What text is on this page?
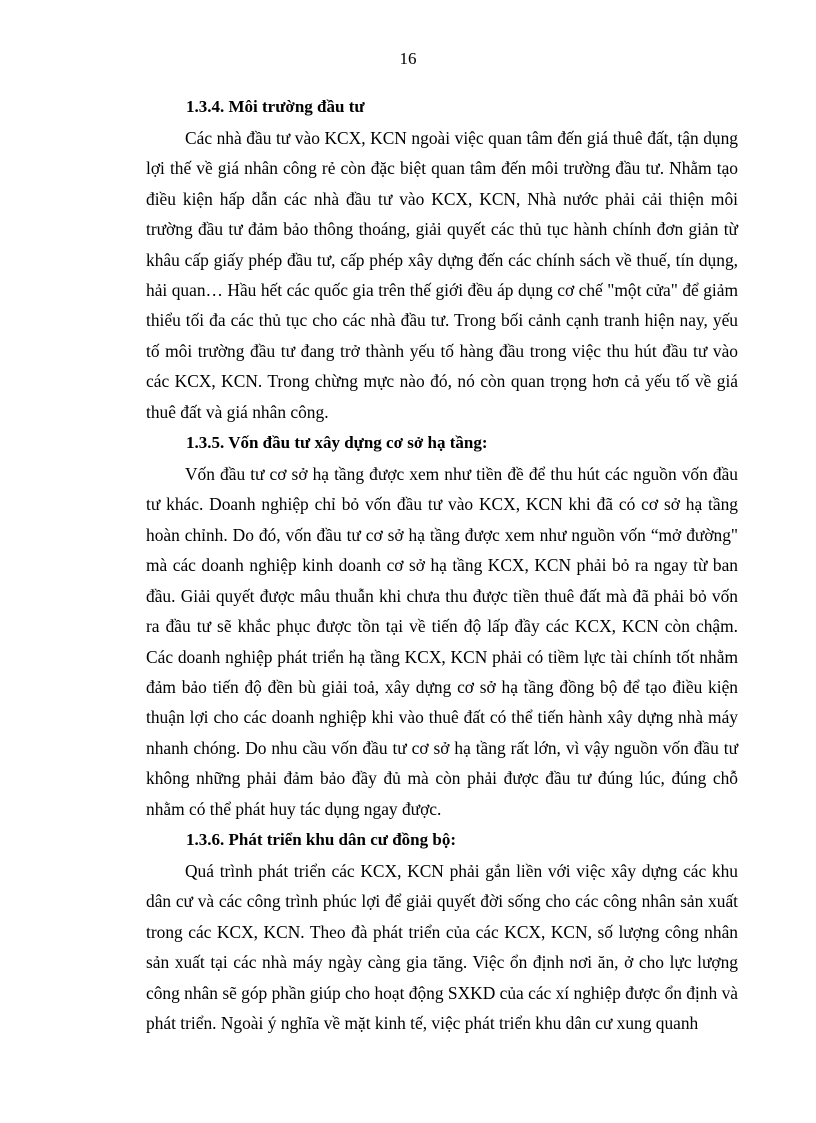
16
1.3.4. Môi trường đầu tư

Các nhà đầu tư vào KCX, KCN ngoài việc quan tâm đến giá thuê đất, tận dụng lợi thế về giá nhân công rẻ còn đặc biệt quan tâm đến môi trường đầu tư. Nhằm tạo điều kiện hấp dẫn các nhà đầu tư vào KCX, KCN, Nhà nước phải cải thiện môi trường đầu tư đảm bảo thông thoáng, giải quyết các thủ tục hành chính đơn giản từ khâu cấp giấy phép đầu tư, cấp phép xây dựng đến các chính sách về thuế, tín dụng, hải quan… Hầu hết các quốc gia trên thế giới đều áp dụng cơ chế "một cửa" để giảm thiểu tối đa các thủ tục cho các nhà đầu tư. Trong bối cảnh cạnh tranh hiện nay, yếu tố môi trường đầu tư đang trở thành yếu tố hàng đầu trong việc thu hút đầu tư vào các KCX, KCN. Trong chừng mực nào đó, nó còn quan trọng hơn cả yếu tố về giá thuê đất và giá nhân công.

1.3.5. Vốn đầu tư xây dựng cơ sở hạ tầng:

Vốn đầu tư cơ sở hạ tầng được xem như tiền đề để thu hút các nguồn vốn đầu tư khác. Doanh nghiệp chỉ bỏ vốn đầu tư vào KCX, KCN khi đã có cơ sở hạ tầng hoàn chỉnh. Do đó, vốn đầu tư cơ sở hạ tầng được xem như nguồn vốn “mở đường" mà các doanh nghiệp kinh doanh cơ sở hạ tầng KCX, KCN phải bỏ ra ngay từ ban đầu. Giải quyết được mâu thuẫn khi chưa thu được tiền thuê đất mà đã phải bỏ vốn ra đầu tư sẽ khắc phục được tồn tại về tiến độ lấp đầy các KCX, KCN còn chậm. Các doanh nghiệp phát triển hạ tầng KCX, KCN phải có tiềm lực tài chính tốt nhằm đảm bảo tiến độ đền bù giải toả, xây dựng cơ sở hạ tầng đồng bộ để tạo điều kiện thuận lợi cho các doanh nghiệp khi vào thuê đất có thể tiến hành xây dựng nhà máy nhanh chóng. Do nhu cầu vốn đầu tư cơ sở hạ tầng rất lớn, vì vậy nguồn vốn đầu tư không những phải đảm bảo đầy đủ mà còn phải được đầu tư đúng lúc, đúng chỗ nhằm có thể phát huy tác dụng ngay được.

1.3.6. Phát triển khu dân cư đồng bộ:

Quá trình phát triển các KCX, KCN phải gắn liền với việc xây dựng các khu dân cư và các công trình phúc lợi để giải quyết đời sống cho các công nhân sản xuất trong các KCX, KCN. Theo đà phát triển của các KCX, KCN, số lượng công nhân sản xuất tại các nhà máy ngày càng gia tăng. Việc ổn định nơi ăn, ở cho lực lượng công nhân sẽ góp phần giúp cho hoạt động SXKD của các xí nghiệp được ổn định và phát triển. Ngoài ý nghĩa về mặt kinh tế, việc phát triển khu dân cư xung quanh
